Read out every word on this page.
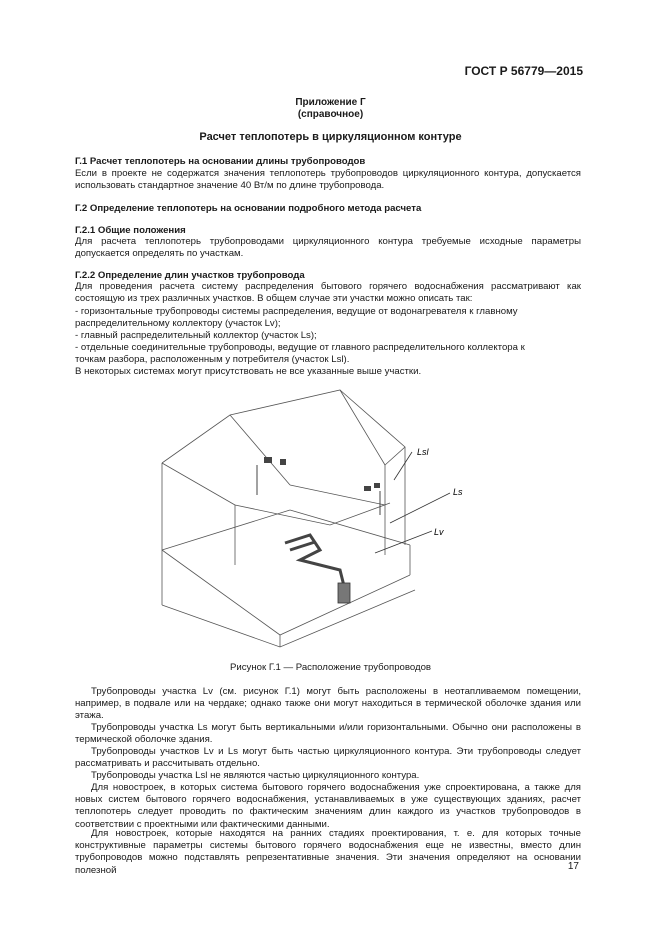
ГОСТ Р 56779—2015
Приложение Г
(справочное)
Расчет теплопотерь в циркуляционном контуре
Г.1 Расчет теплопотерь на основании длины трубопроводов
Если в проекте не содержатся значения теплопотерь трубопроводов циркуляционного контура, допускается использовать стандартное значение 40 Вт/м по длине трубопровода.
Г.2 Определение теплопотерь на основании подробного метода расчета
Г.2.1 Общие положения
Для расчета теплопотерь трубопроводами циркуляционного контура требуемые исходные параметры допускается определять по участкам.
Г.2.2 Определение длин участков трубопровода
Для проведения расчета систему распределения бытового горячего водоснабжения рассматривают как состоящую из трех различных участков. В общем случае эти участки можно описать так:
- горизонтальные трубопроводы системы распределения, ведущие от водонагревателя к главному
распределительному коллектору (участок Lv);
- главный распределительный коллектор (участок Ls);
- отдельные соединительные трубопроводы, ведущие от главного распределительного коллектора к
точкам разбора, расположенным у потребителя (участок Lsl).
В некоторых системах могут присутствовать не все указанные выше участки.
Lsl
Ls
Lv
Рисунок Г.1 — Расположение трубопроводов
Трубопроводы участка Lv (см. рисунок Г.1) могут быть расположены в неотапливаемом помещении, например, в подвале или на чердаке; однако также они могут находиться в термической оболочке здания или этажа.
Трубопроводы участка Ls могут быть вертикальными и/или горизонтальными. Обычно они расположены в термической оболочке здания.
Трубопроводы участков Lv и Ls могут быть частью циркуляционного контура. Эти трубопроводы следует рассматривать и рассчитывать отдельно.
Трубопроводы участка Lsl не являются частью циркуляционного контура.
Для новостроек, в которых система бытового горячего водоснабжения уже спроектирована, а также для новых систем бытового горячего водоснабжения, устанавливаемых в уже существующих зданиях, расчет теплопотерь следует проводить по фактическим значениям длин каждого из участков трубопроводов в соответствии с проектными или фактическими данными.
Для новостроек, которые находятся на ранних стадиях проектирования, т. е. для которых точные конструктивные параметры системы бытового горячего водоснабжения еще не известны, вместо длин трубопроводов можно подставлять репрезентативные значения. Эти значения определяют на основании полезной	17
